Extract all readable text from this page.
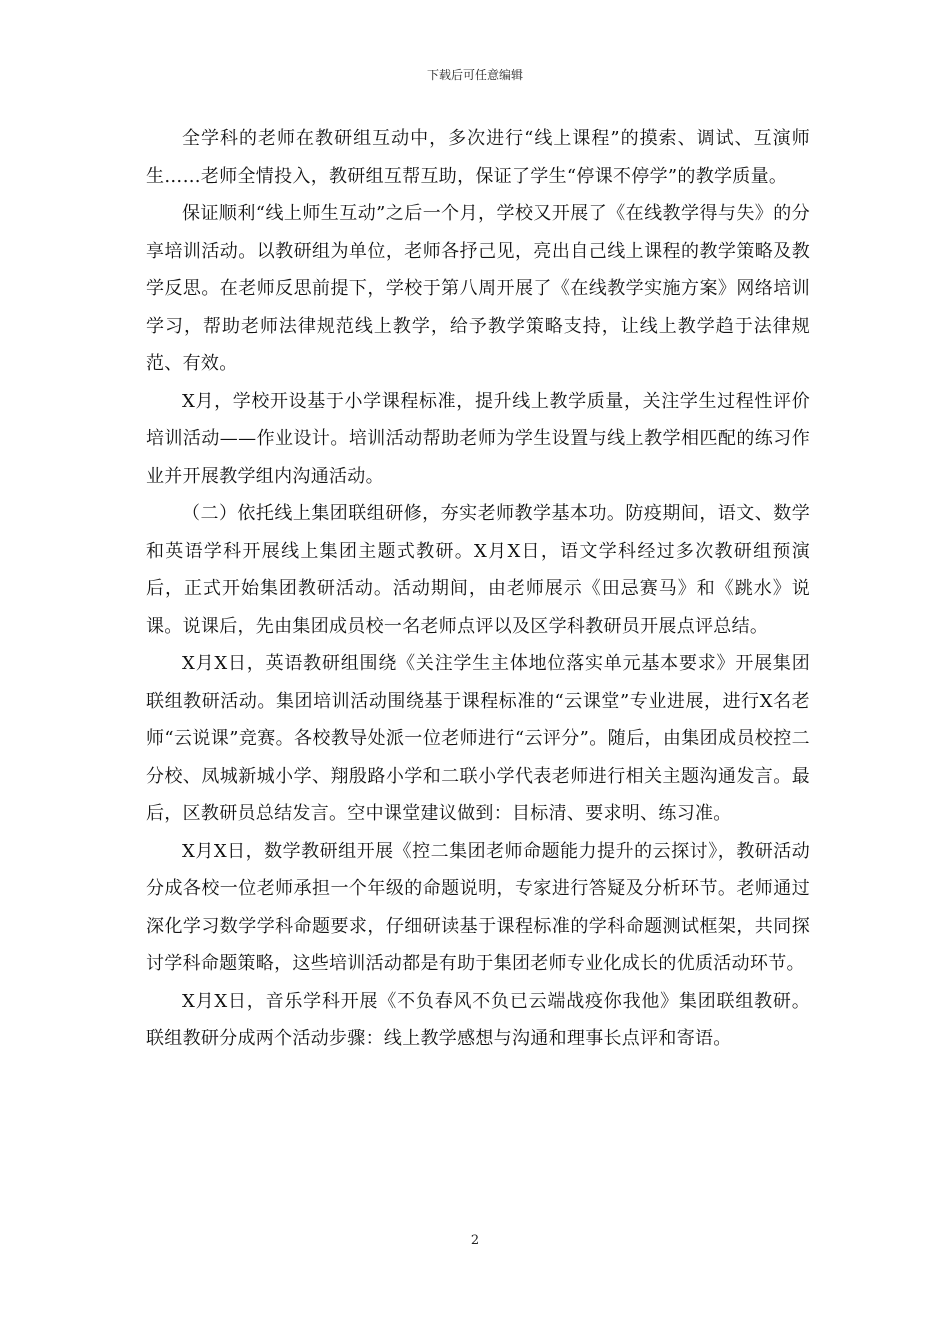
下载后可任意编辑

全学科的老师在教研组互动中，多次进行“线上课程”的摸索、调试、互演师生……老师全情投入，教研组互帮互助，保证了学生“停课不停学”的教学质量。

保证顺利“线上师生互动”之后一个月，学校又开展了《在线教学得与失》的分享培训活动。以教研组为单位，老师各抒己见，亮出自己线上课程的教学策略及教学反思。在老师反思前提下，学校于第八周开展了《在线教学实施方案》网络培训学习，帮助老师法律规范线上教学，给予教学策略支持，让线上教学趋于法律规范、有效。

X月，学校开设基于小学课程标准，提升线上教学质量，关注学生过程性评价培训活动——作业设计。培训活动帮助老师为学生设置与线上教学相匹配的练习作业并开展教学组内沟通活动。

（二）依托线上集团联组研修，夯实老师教学基本功。防疫期间，语文、数学和英语学科开展线上集团主题式教研。X月X日，语文学科经过多次教研组预演后，正式开始集团教研活动。活动期间，由老师展示《田忌赛马》和《跳水》说课。说课后，先由集团成员校一名老师点评以及区学科教研员开展点评总结。

X月X日，英语教研组围绕《关注学生主体地位落实单元基本要求》开展集团联组教研活动。集团培训活动围绕基于课程标准的“云课堂”专业进展，进行X名老师“云说课”竞赛。各校教导处派一位老师进行“云评分”。随后，由集团成员校控二分校、凤城新城小学、翔殷路小学和二联小学代表老师进行相关主题沟通发言。最后，区教研员总结发言。空中课堂建议做到：目标清、要求明、练习准。

X月X日，数学教研组开展《控二集团老师命题能力提升的云探讨》，教研活动分成各校一位老师承担一个年级的命题说明，专家进行答疑及分析环节。老师通过深化学习数学学科命题要求，仔细研读基于课程标准的学科命题测试框架，共同探讨学科命题策略，这些培训活动都是有助于集团老师专业化成长的优质活动环节。

X月X日，音乐学科开展《不负春风不负已云端战疫你我他》集团联组教研。联组教研分成两个活动步骤：线上教学感想与沟通和理事长点评和寄语。

2
